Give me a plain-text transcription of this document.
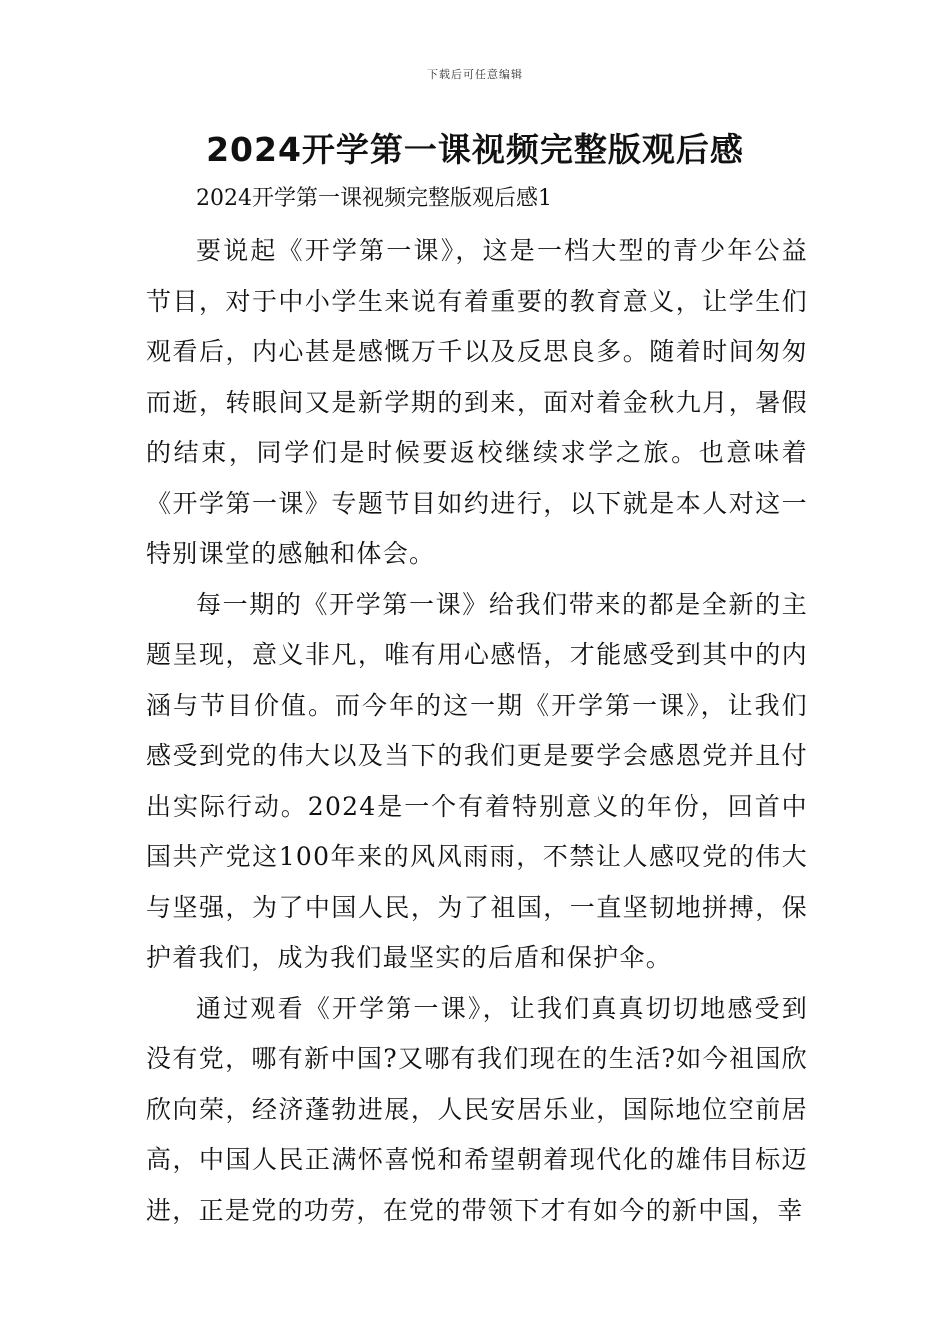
下载后可任意编辑
2024开学第一课视频完整版观后感
2024开学第一课视频完整版观后感1

要说起《开学第一课》，这是一档大型的青少年公益节目，对于中小学生来说有着重要的教育意义，让学生们观看后，内心甚是感慨万千以及反思良多。随着时间匆匆而逝，转眼间又是新学期的到来，面对着金秋九月，暑假的结束，同学们是时候要返校继续求学之旅。也意味着《开学第一课》专题节目如约进行，以下就是本人对这一特别课堂的感触和体会。

每一期的《开学第一课》给我们带来的都是全新的主题呈现，意义非凡，唯有用心感悟，才能感受到其中的内涵与节目价值。而今年的这一期《开学第一课》，让我们感受到党的伟大以及当下的我们更是要学会感恩党并且付出实际行动。2024是一个有着特别意义的年份，回首中国共产党这100年来的风风雨雨，不禁让人感叹党的伟大与坚强，为了中国人民，为了祖国，一直坚韧地拼搏，保护着我们，成为我们最坚实的后盾和保护伞。

通过观看《开学第一课》，让我们真真切切地感受到没有党，哪有新中国?又哪有我们现在的生活?如今祖国欣欣向荣，经济蓬勃进展，人民安居乐业，国际地位空前居高，中国人民正满怀喜悦和希望朝着现代化的雄伟目标迈进，正是党的功劳，在党的带领下才有如今的新中国，幸
